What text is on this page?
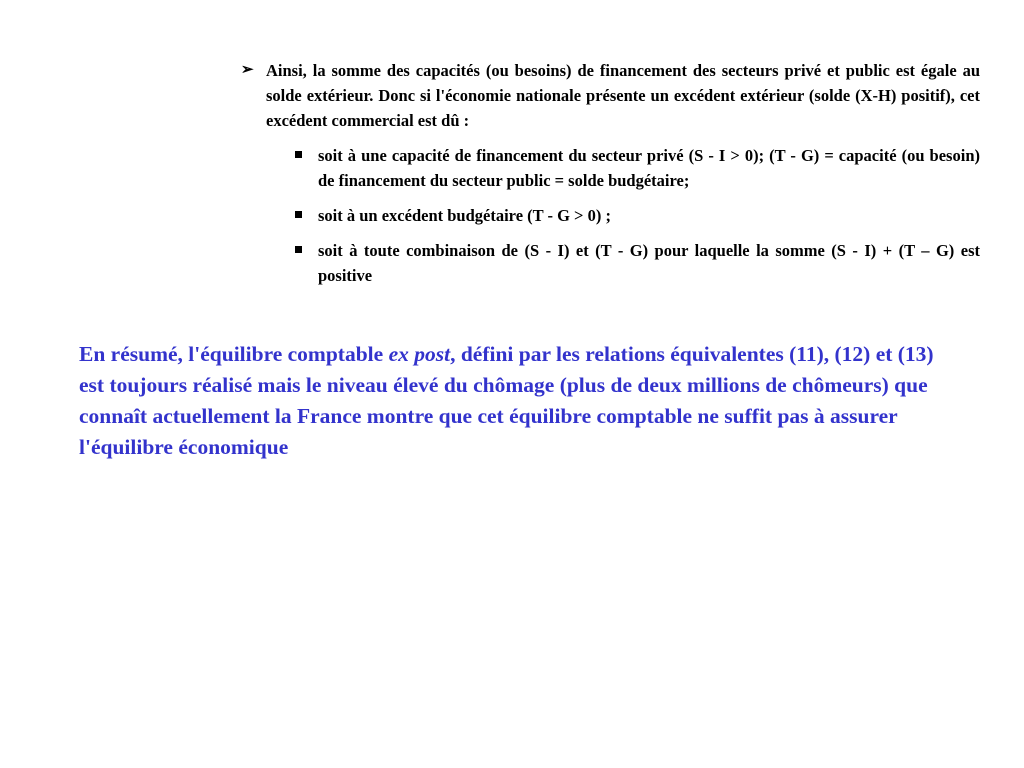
➢ Ainsi, la somme des capacités (ou besoins) de financement des secteurs privé et public est égale au solde extérieur. Donc si l'économie nationale présente un excédent extérieur (solde (X-H) positif), cet excédent commercial est dû :
soit à une capacité de financement du secteur privé (S - I > 0); (T - G) = capacité (ou besoin) de financement du secteur public = solde budgétaire;
soit à un excédent budgétaire (T - G > 0) ;
soit à toute combinaison de (S - I) et (T - G) pour laquelle la somme (S - I) + (T – G) est positive
En résumé, l'équilibre comptable ex post, défini par les relations équivalentes (11), (12) et (13) est toujours réalisé mais le niveau élevé du chômage (plus de deux millions de chômeurs) que connaît actuellement la France montre que cet équilibre comptable ne suffit pas à assurer l'équilibre économique
